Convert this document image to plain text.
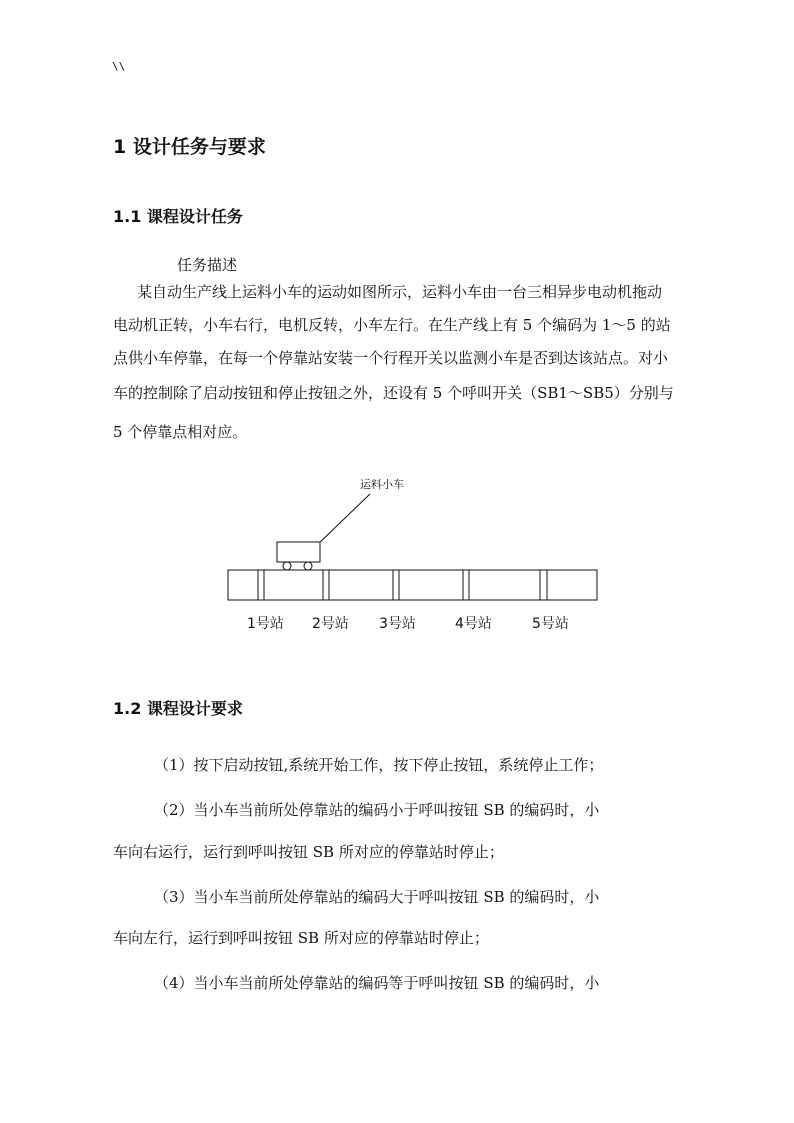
\\
1 设计任务与要求
1.1 课程设计任务
任务描述
某自动生产线上运料小车的运动如图所示，运料小车由一台三相异步电动机拖动
电动机正转，小车右行，电机反转，小车左行。在生产线上有 5 个编码为 1～5 的站
点供小车停靠，在每一个停靠站安装一个行程开关以监测小车是否到达该站点。对小
车的控制除了启动按钮和停止按钮之外，还设有 5 个呼叫开关（SB1～SB5）分别与
5 个停靠点相对应。
运料小车
1号站 2号站 3号站	4号站	5号站
1.2 课程设计要求
（1）按下启动按钮,系统开始工作，按下停止按钮，系统停止工作；
（2）当小车当前所处停靠站的编码小于呼叫按钮 SB 的编码时，小
车向右运行，运行到呼叫按钮 SB 所对应的停靠站时停止；
（3）当小车当前所处停靠站的编码大于呼叫按钮 SB 的编码时，小
车向左行，运行到呼叫按钮 SB 所对应的停靠站时停止；
（4）当小车当前所处停靠站的编码等于呼叫按钮 SB 的编码时，小
